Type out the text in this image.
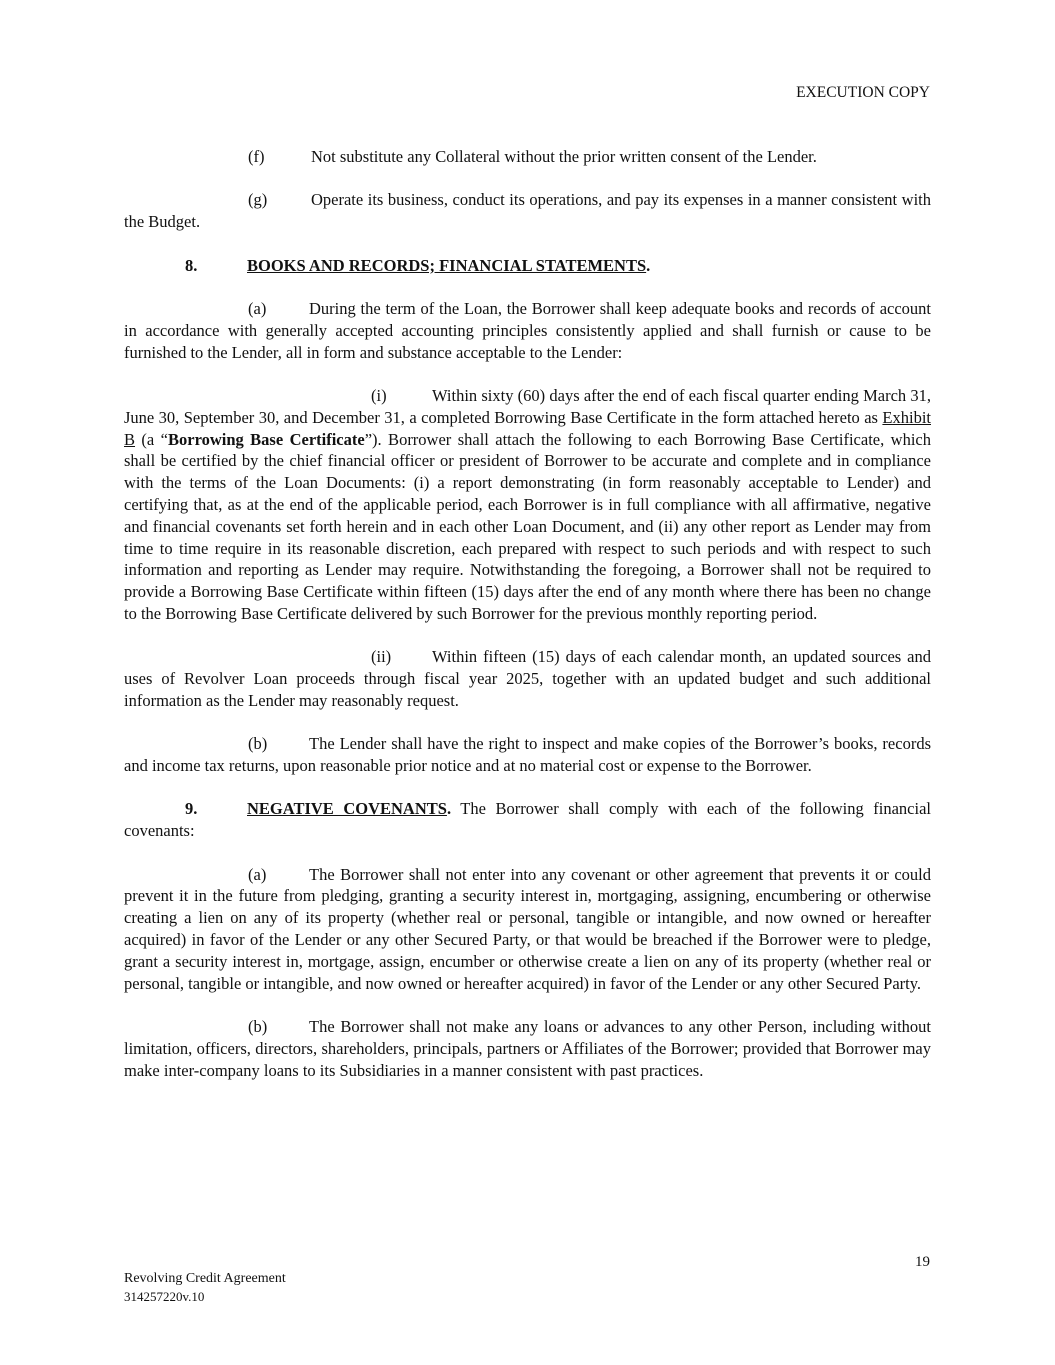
EXECUTION COPY

(f)	Not substitute any Collateral without the prior written consent of the Lender.

(g)	Operate its business, conduct its operations, and pay its expenses in a manner consistent with the Budget.

8.	BOOKS AND RECORDS; FINANCIAL STATEMENTS.

(a)	During the term of the Loan, the Borrower shall keep adequate books and records of account in accordance with generally accepted accounting principles consistently applied and shall furnish or cause to be furnished to the Lender, all in form and substance acceptable to the Lender:

(i)	Within sixty (60) days after the end of each fiscal quarter ending March 31, June 30, September 30, and December 31, a completed Borrowing Base Certificate in the form attached hereto as Exhibit B (a “Borrowing Base Certificate”). Borrower shall attach the following to each Borrowing Base Certificate, which shall be certified by the chief financial officer or president of Borrower to be accurate and complete and in compliance with the terms of the Loan Documents: (i) a report demonstrating (in form reasonably acceptable to Lender) and certifying that, as at the end of the applicable period, each Borrower is in full compliance with all affirmative, negative and financial covenants set forth herein and in each other Loan Document, and (ii) any other report as Lender may from time to time require in its reasonable discretion, each prepared with respect to such periods and with respect to such information and reporting as Lender may require. Notwithstanding the foregoing, a Borrower shall not be required to provide a Borrowing Base Certificate within fifteen (15) days after the end of any month where there has been no change to the Borrowing Base Certificate delivered by such Borrower for the previous monthly reporting period.

(ii) Within fifteen (15) days of each calendar month, an updated sources and uses of Revolver Loan proceeds through fiscal year 2025, together with an updated budget and such additional information as the Lender may reasonably request.

(b)	The Lender shall have the right to inspect and make copies of the Borrower’s books, records and income tax returns, upon reasonable prior notice and at no material cost or expense to the Borrower.

9.	NEGATIVE COVENANTS. The Borrower shall comply with each of the following financial covenants:

(a)	The Borrower shall not enter into any covenant or other agreement that prevents it or could prevent it in the future from pledging, granting a security interest in, mortgaging, assigning, encumbering or otherwise creating a lien on any of its property (whether real or personal, tangible or intangible, and now owned or hereafter acquired) in favor of the Lender or any other Secured Party, or that would be breached if the Borrower were to pledge, grant a security interest in, mortgage, assign, encumber or otherwise create a lien on any of its property (whether real or personal, tangible or intangible, and now owned or hereafter acquired) in favor of the Lender or any other Secured Party.

(b)	The Borrower shall not make any loans or advances to any other Person, including without limitation, officers, directors, shareholders, principals, partners or Affiliates of the Borrower; provided that Borrower may make inter-company loans to its Subsidiaries in a manner consistent with past practices.

19
Revolving Credit Agreement
314257220v.10
